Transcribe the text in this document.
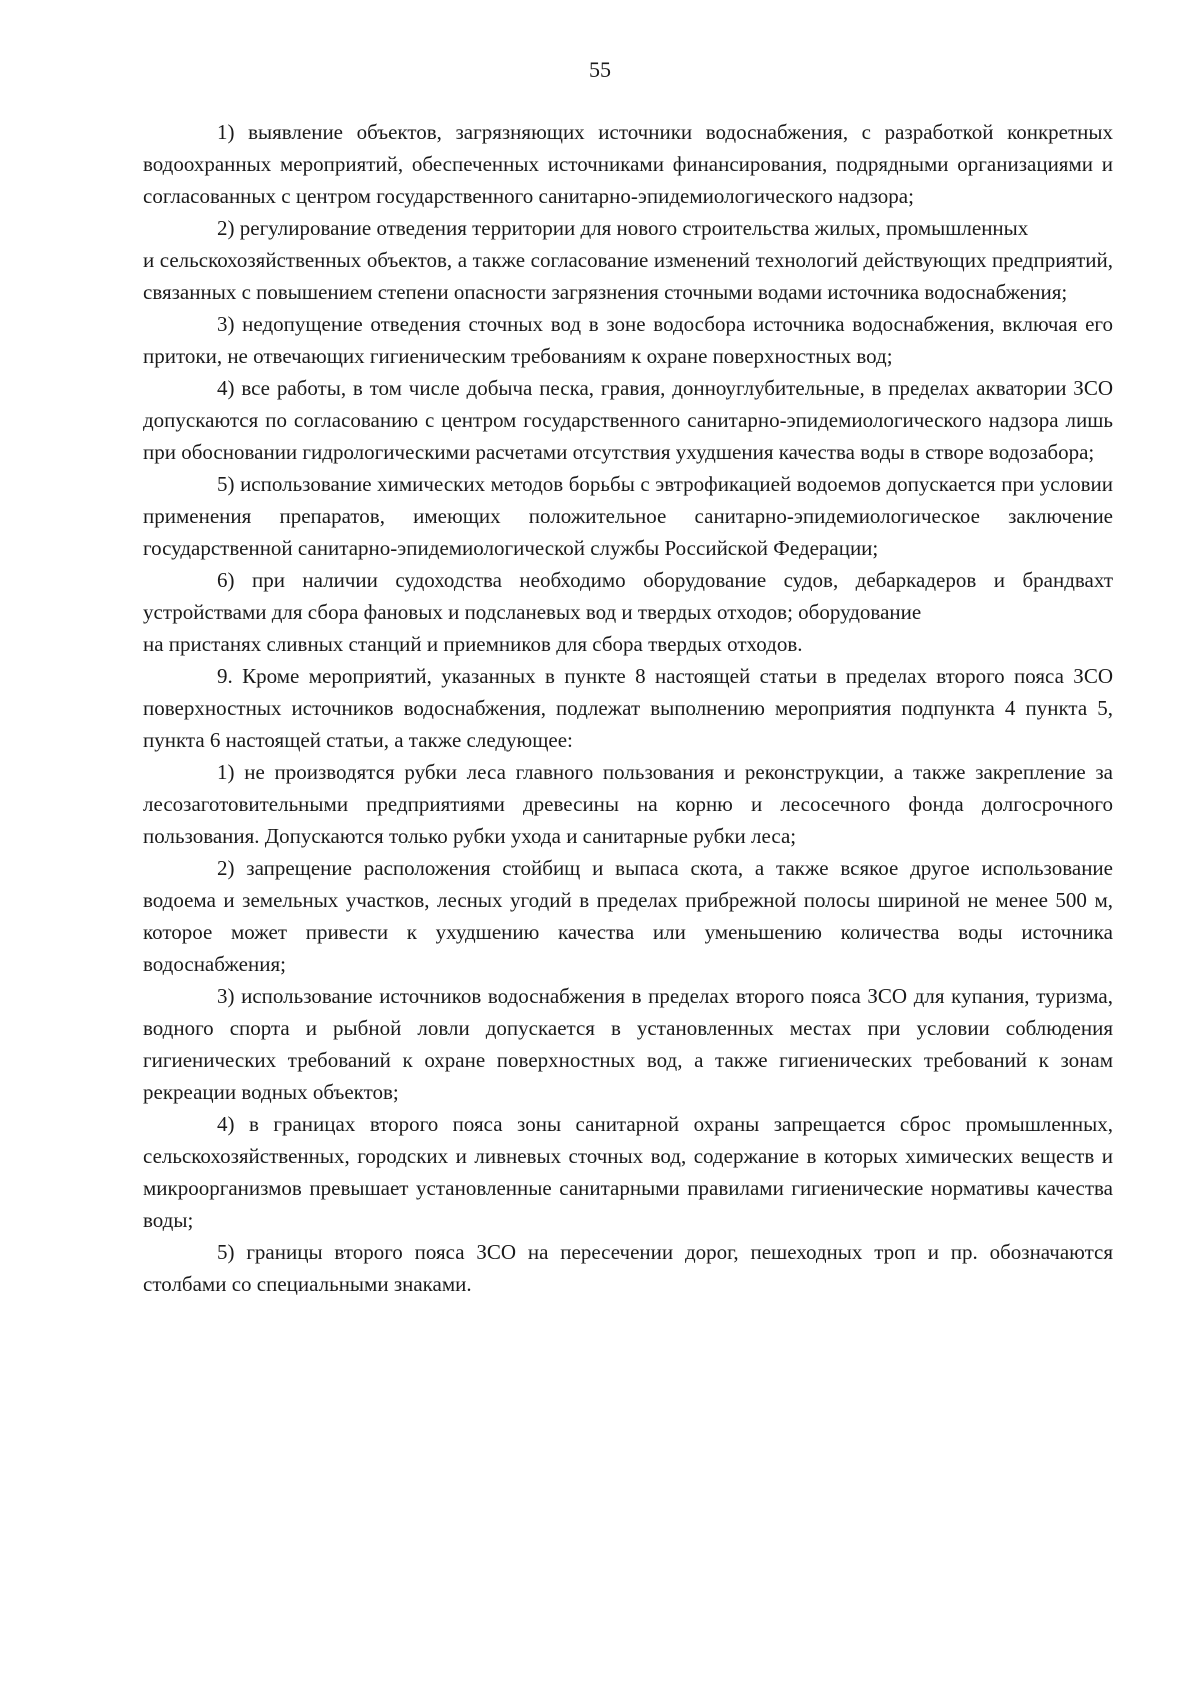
55

1) выявление объектов, загрязняющих источники водоснабжения, с разработкой конкретных водоохранных мероприятий, обеспеченных источниками финансирования, подрядными организациями и согласованных с центром государственного санитарно-эпидемиологического надзора;

2) регулирование отведения территории для нового строительства жилых, промышленных

и сельскохозяйственных объектов, а также согласование изменений технологий действующих предприятий, связанных с повышением степени опасности загрязнения сточными водами источника водоснабжения;

3) недопущение отведения сточных вод в зоне водосбора источника водоснабжения, включая его притоки, не отвечающих гигиеническим требованиям к охране поверхностных вод;

4) все работы, в том числе добыча песка, гравия, донноуглубительные, в пределах акватории ЗСО допускаются по согласованию с центром государственного санитарно-эпидемиологического надзора лишь при обосновании гидрологическими расчетами отсутствия ухудшения качества воды в створе водозабора;

5) использование химических методов борьбы с эвтрофикацией водоемов допускается при условии применения препаратов, имеющих положительное санитарно-эпидемиологическое заключение государственной санитарно-эпидемиологической службы Российской Федерации;

6) при наличии судоходства необходимо оборудование судов, дебаркадеров и брандвахт устройствами для сбора фановых и подсланевых вод и твердых отходов; оборудование

на пристанях сливных станций и приемников для сбора твердых отходов.

9. Кроме мероприятий, указанных в пункте 8 настоящей статьи в пределах второго пояса ЗСО поверхностных источников водоснабжения, подлежат выполнению мероприятия подпункта 4 пункта 5, пункта 6 настоящей статьи, а также следующее:

1) не производятся рубки леса главного пользования и реконструкции, а также закрепление за лесозаготовительными предприятиями древесины на корню и лесосечного фонда долгосрочного пользования. Допускаются только рубки ухода и санитарные рубки леса;

2) запрещение расположения стойбищ и выпаса скота, а также всякое другое использование водоема и земельных участков, лесных угодий в пределах прибрежной полосы шириной не менее 500 м, которое может привести к ухудшению качества или уменьшению количества воды источника водоснабжения;

3) использование источников водоснабжения в пределах второго пояса ЗСО для купания, туризма, водного спорта и рыбной ловли допускается в установленных местах при условии соблюдения гигиенических требований к охране поверхностных вод, а также гигиенических требований к зонам рекреации водных объектов;

4) в границах второго пояса зоны санитарной охраны запрещается сброс промышленных, сельскохозяйственных, городских и ливневых сточных вод, содержание в которых химических веществ и микроорганизмов превышает установленные санитарными правилами гигиенические нормативы качества воды;

5) границы второго пояса ЗСО на пересечении дорог, пешеходных троп и пр. обозначаются столбами со специальными знаками.
